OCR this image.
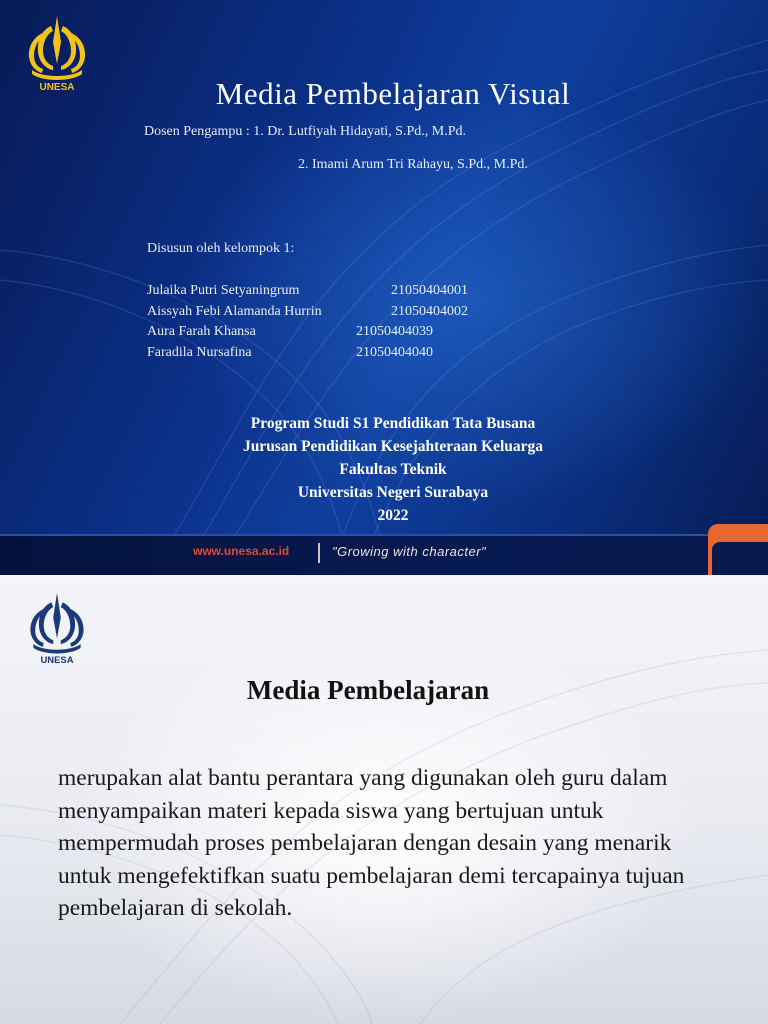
UNESA	Media Pembelajaran Visual
Dosen Pengampu : 1. Dr. Lutfiyah Hidayati, S.Pd., M.Pd.
2. Imami Arum Tri Rahayu, S.Pd., M.Pd.
Disusun oleh kelompok 1:
Julaika Putri Setyaningrum	21050404001
Aissyah Febi Alamanda Hurrin	21050404002
Aura Farah Khansa	21050404039
Faradila Nursafina	21050404040
Program Studi S1 Pendidikan Tata Busana
Jurusan Pendidikan Kesejahteraan Keluarga
Fakultas Teknik
Universitas Negeri Surabaya
2022
www.unesa.ac.id	"Growing with character"
UNESA
Media Pembelajaran
merupakan alat bantu perantara yang digunakan oleh guru dalam menyampaikan materi kepada siswa yang bertujuan untuk mempermudah proses pembelajaran dengan desain yang menarik untuk mengefektifkan suatu pembelajaran demi tercapainya tujuan pembelajaran di sekolah.
